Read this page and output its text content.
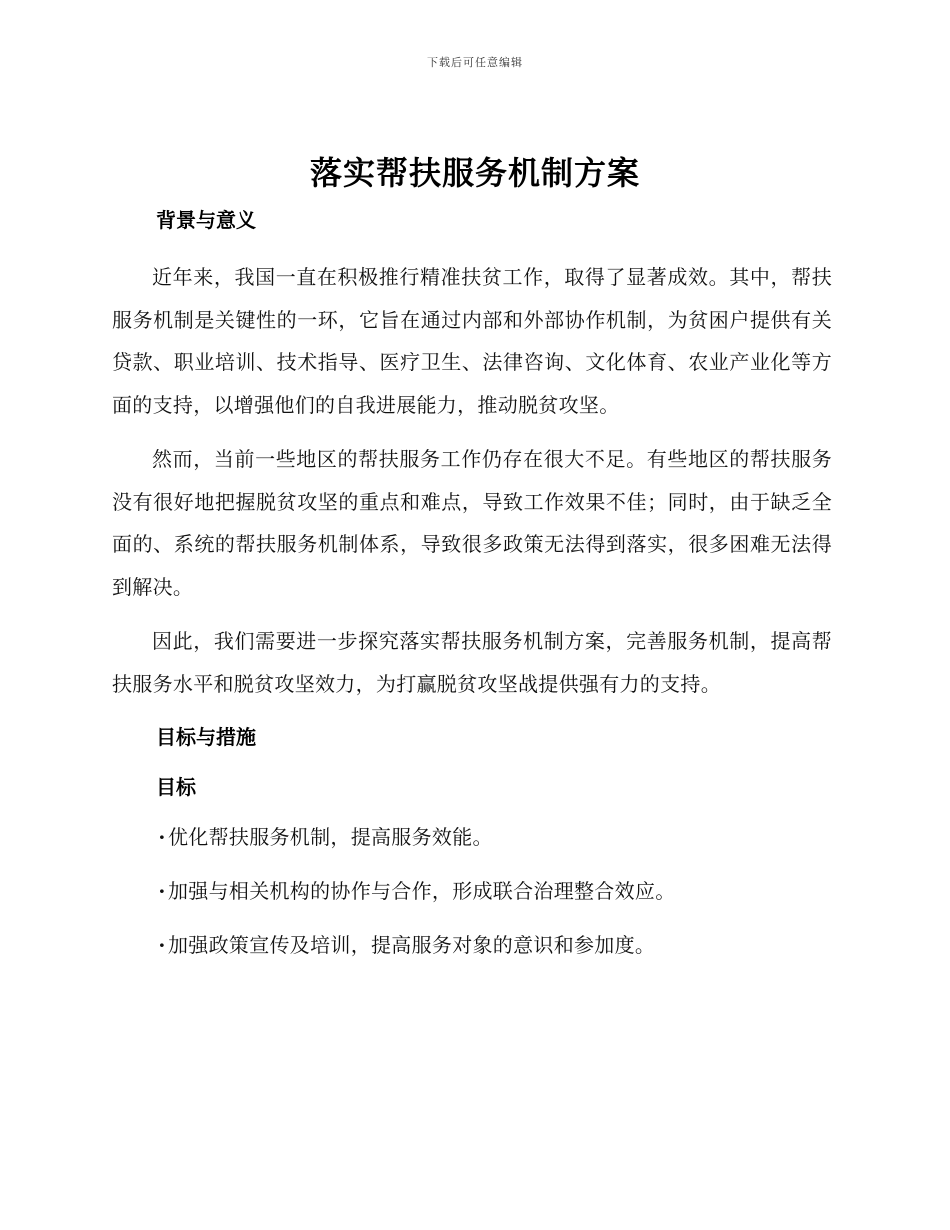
下载后可任意编辑
落实帮扶服务机制方案
背景与意义

近年来，我国一直在积极推行精准扶贫工作，取得了显著成效。其中，帮扶服务机制是关键性的一环，它旨在通过内部和外部协作机制，为贫困户提供有关贷款、职业培训、技术指导、医疗卫生、法律咨询、文化体育、农业产业化等方面的支持，以增强他们的自我进展能力，推动脱贫攻坚。

然而，当前一些地区的帮扶服务工作仍存在很大不足。有些地区的帮扶服务没有很好地把握脱贫攻坚的重点和难点，导致工作效果不佳；同时，由于缺乏全面的、系统的帮扶服务机制体系，导致很多政策无法得到落实，很多困难无法得到解决。

因此，我们需要进一步探究落实帮扶服务机制方案，完善服务机制，提高帮扶服务水平和脱贫攻坚效力，为打赢脱贫攻坚战提供强有力的支持。

目标与措施
目标
· 优化帮扶服务机制，提高服务效能。
· 加强与相关机构的协作与合作，形成联合治理整合效应。
· 加强政策宣传及培训，提高服务对象的意识和参加度。
